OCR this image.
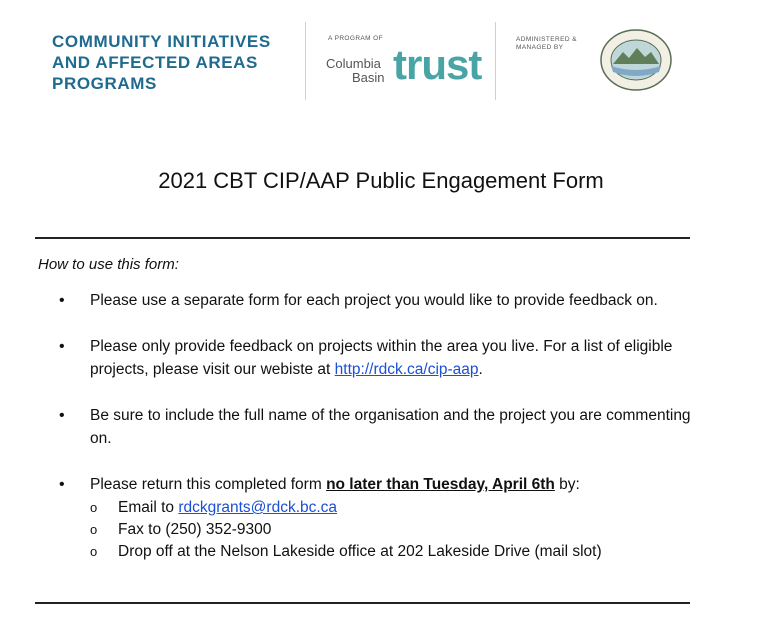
COMMUNITY INITIATIVES
AND AFFECTED AREAS
PROGRAMS
A PROGRAM OF
Columbia
Basin trust
ADMINISTERED &
MANAGED BY
2021 CBT CIP/AAP Public Engagement Form
How to use this form:
• Please use a separate form for each project you would like to provide feedback on.
• Please only provide feedback on projects within the area you live. For a list of eligible projects, please visit our webiste at http://rdck.ca/cip-aap.
• Be sure to include the full name of the organisation and the project you are commenting on.
• Please return this completed form no later than Tuesday, April 6th by:
o Email to rdckgrants@rdck.bc.ca
o Fax to (250) 352-9300
o Drop off at the Nelson Lakeside office at 202 Lakeside Drive (mail slot)
